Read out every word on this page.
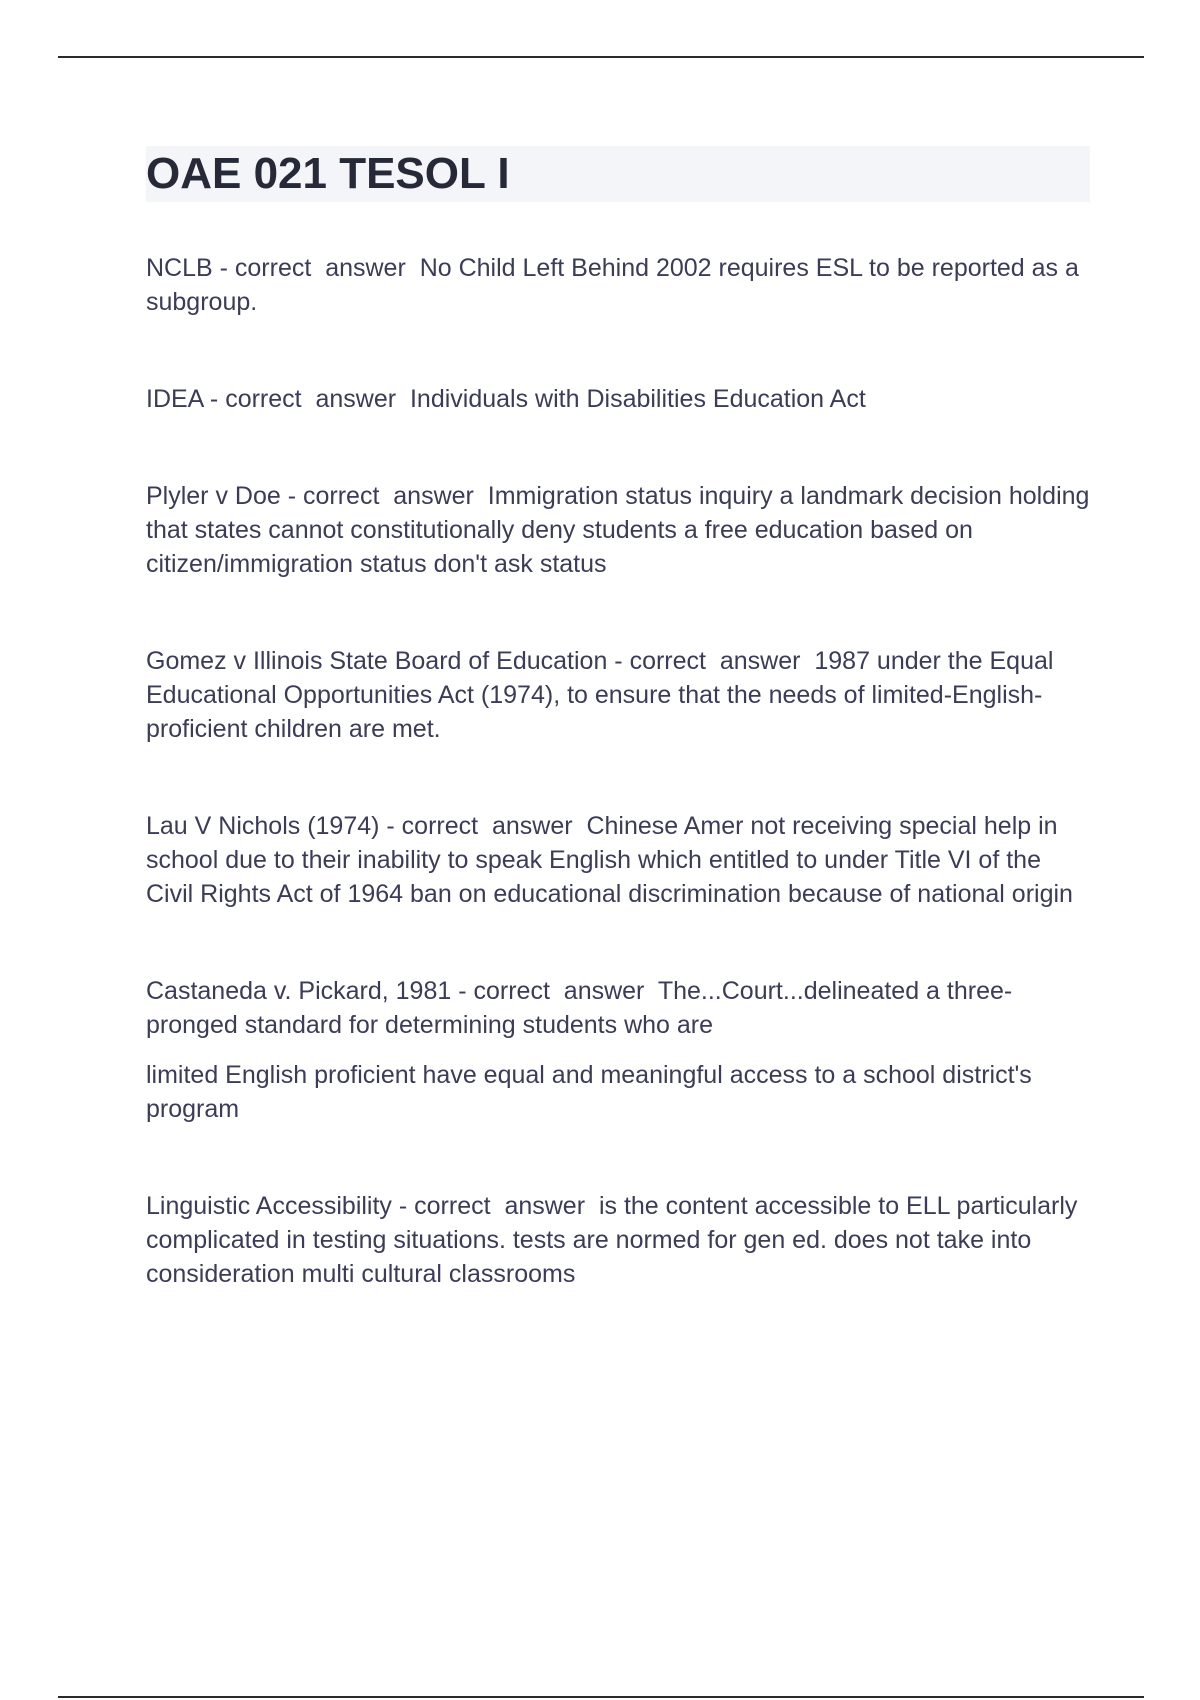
OAE 021 TESOL I

NCLB - correct  answer  No Child Left Behind 2002 requires ESL to be reported as a subgroup.

IDEA - correct  answer  Individuals with Disabilities Education Act

Plyler v Doe - correct  answer  Immigration status inquiry a landmark decision holding that states cannot constitutionally deny students a free education based on citizen/immigration status don't ask status

Gomez v Illinois State Board of Education - correct  answer  1987 under the Equal Educational Opportunities Act (1974), to ensure that the needs of limited-English-proficient children are met.

Lau V Nichols (1974) - correct  answer  Chinese Amer not receiving special help in school due to their inability to speak English which entitled to under Title VI of the Civil Rights Act of 1964 ban on educational discrimination because of national origin

Castaneda v. Pickard, 1981 - correct  answer  The...Court...delineated a three-pronged standard for determining students who are
limited English proficient have equal and meaningful access to a school district's program

Linguistic Accessibility - correct  answer  is the content accessible to ELL particularly complicated in testing situations. tests are normed for gen ed. does not take into consideration multi cultural classrooms
